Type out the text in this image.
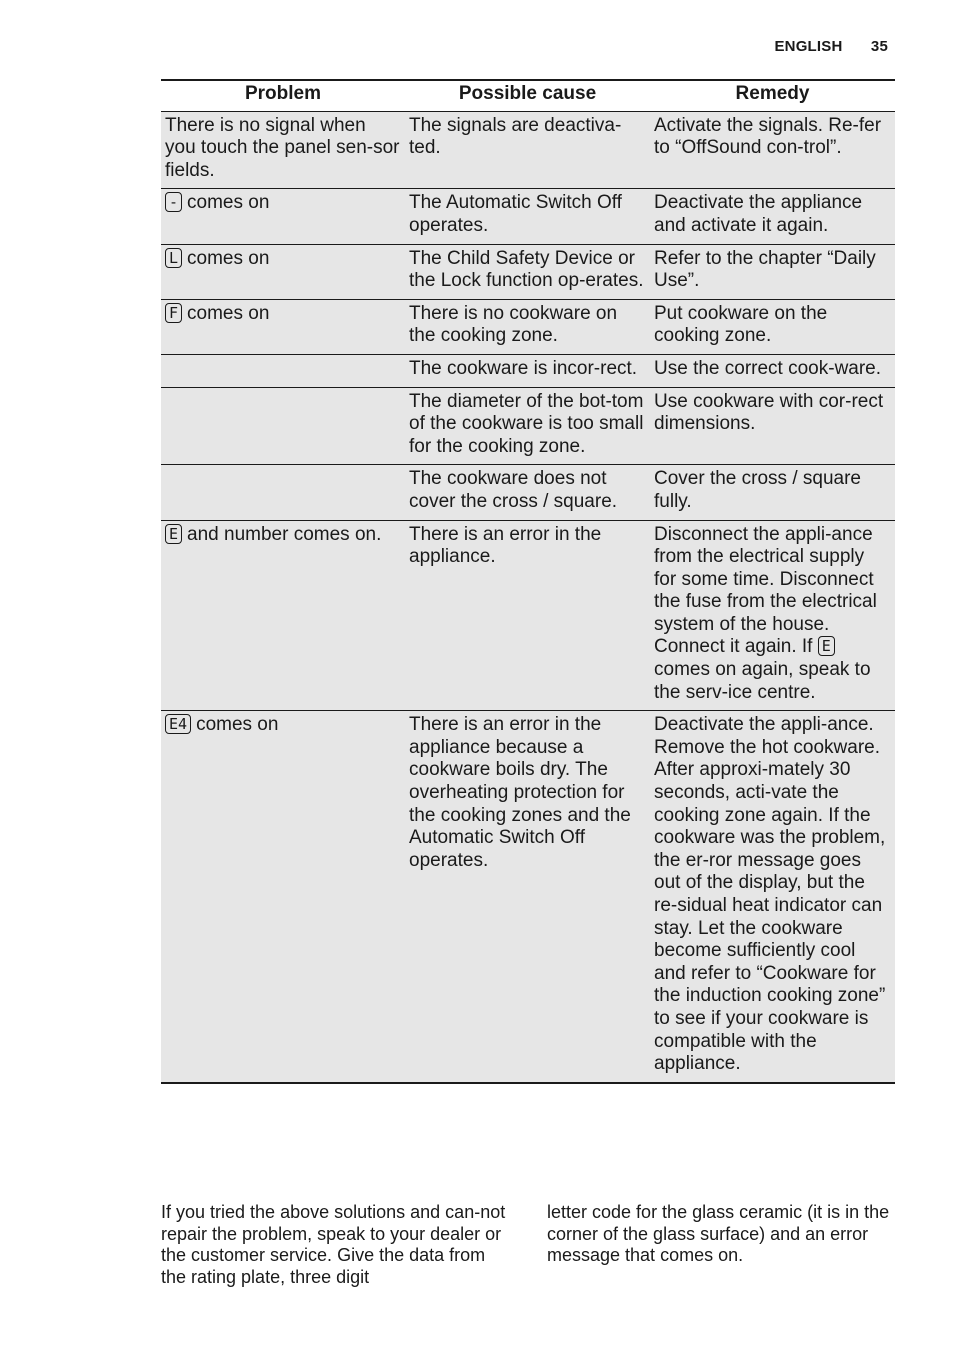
ENGLISH 35
Problem	Possible cause	Remedy
There is no signal when you touch the panel sen-sor fields.	The signals are deactiva-ted.	Activate the signals. Re-fer to “OffSound con-trol”.
- comes on	The Automatic Switch Off operates.	Deactivate the appliance and activate it again.
L comes on	The Child Safety Device or the Lock function op-erates.	Refer to the chapter “Daily Use”.
F comes on	There is no cookware on the cooking zone.	Put cookware on the cooking zone.
	The cookware is incor-rect.	Use the correct cook-ware.
	The diameter of the bot-tom of the cookware is too small for the cooking zone.	Use cookware with cor-rect dimensions.
	The cookware does not cover the cross / square.	Cover the cross / square fully.
E and number comes on.	There is an error in the appliance.	Disconnect the appli-ance from the electrical supply for some time. Disconnect the fuse from the electrical system of the house. Connect it again. If Ecomes on again, speak to the serv-ice centre.
E4 comes on	There is an error in the appliance because a cookware boils dry. The overheating protection for the cooking zones and the Automatic Switch Off operates.	Deactivate the appli-ance. Remove the hot cookware. After approxi-mately 30 seconds, acti-vate the cooking zone again. If the cookware was the problem, the er-ror message goes out of the display, but the re-sidual heat indicator can stay. Let the cookware become sufficiently cool and refer to “Cookware for the induction cooking zone” to see if your cookware is compatible with the appliance.
If you tried the above solutions and can-not repair the problem, speak to your dealer or the customer service. Give the data from the rating plate, three digit
letter code for the glass ceramic (it is in the corner of the glass surface) and an error message that comes on.
